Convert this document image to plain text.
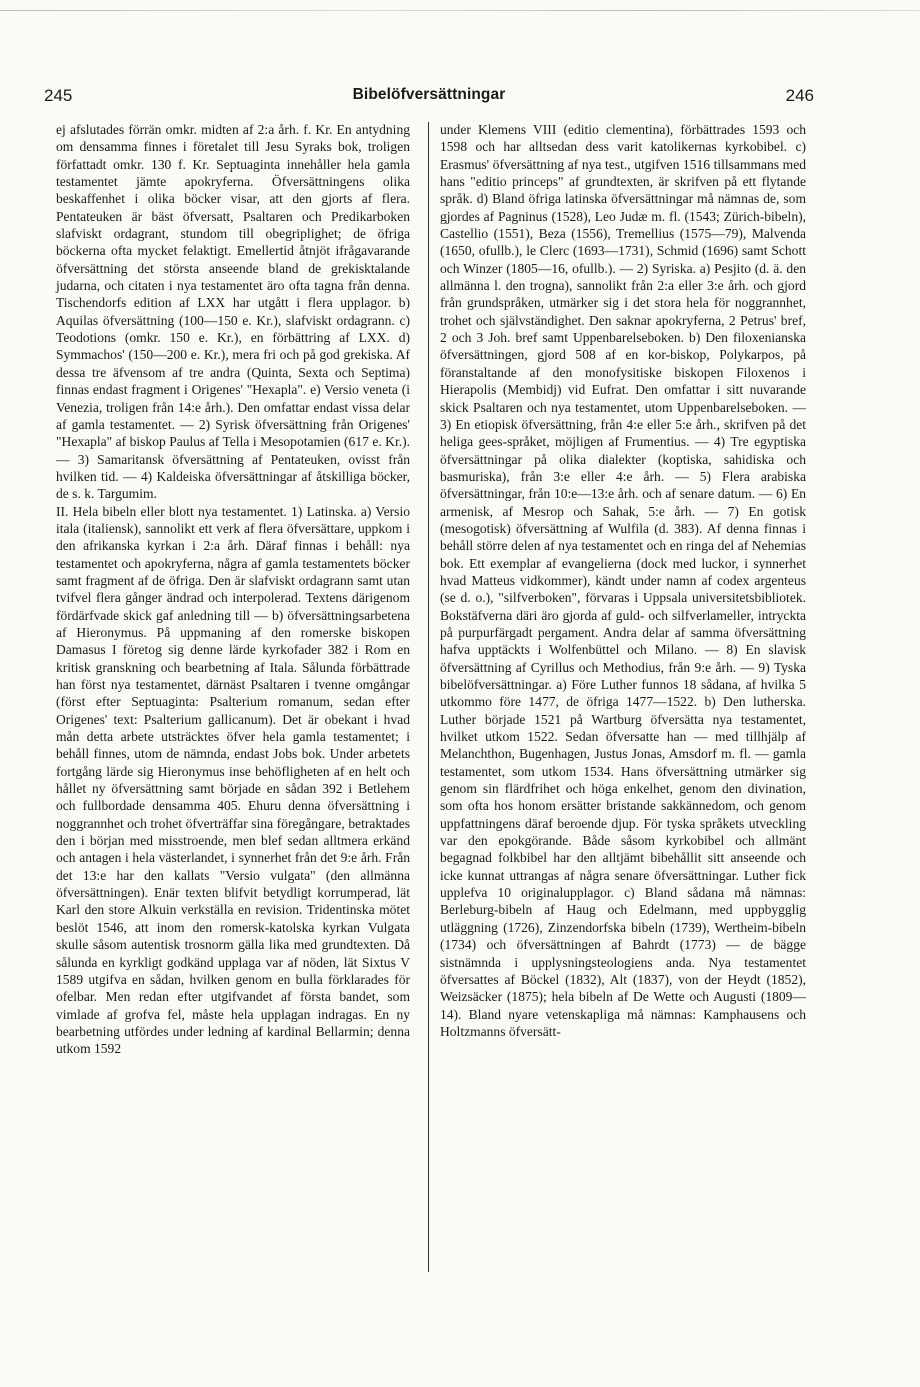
245	Bibelöfversättningar	246

ej afslutades förrän omkr. midten af 2:a årh. f. Kr. En antydning om densamma finnes i företalet till Jesu Syraks bok, troligen författadt omkr. 130 f. Kr. Septuaginta innehåller hela gamla testamentet jämte apokryferna. Öfversättningens olika beskaffenhet i olika böcker visar, att den gjorts af flera. Pentateuken är bäst öfversatt, Psaltaren och Predikarboken slafviskt ordagrant, stundom till obegriplighet; de öfriga böckerna ofta mycket felaktigt. Emellertid åtnjöt ifrågavarande öfversättning det största anseende bland de grekisktalande judarna, och citaten i nya testamentet äro ofta tagna från denna. Tischendorfs edition af LXX har utgått i flera upplagor. b) Aquilas öfversättning (100—150 e. Kr.), slafviskt ordagrann. c) Teodotions (omkr. 150 e. Kr.), en förbättring af LXX. d) Symmachos' (150—200 e. Kr.), mera fri och på god grekiska. Af dessa tre äfvensom af tre andra (Quinta, Sexta och Septima) finnas endast fragment i Origenes' "Hexapla". e) Versio veneta (i Venezia, troligen från 14:e årh.). Den omfattar endast vissa delar af gamla testamentet. — 2) Syrisk öfversättning från Origenes' "Hexapla" af biskop Paulus af Tella i Mesopotamien (617 e. Kr.). — 3) Samaritansk öfversättning af Pentateuken, ovisst från hvilken tid. — 4) Kaldeiska öfversättningar af åtskilliga böcker, de s. k. Targumim.

II. Hela bibeln eller blott nya testamentet. 1) Latinska. a) Versio itala (italiensk), sannolikt ett verk af flera öfversättare, uppkom i den afrikanska kyrkan i 2:a årh. Däraf finnas i behåll: nya testamentet och apokryferna, några af gamla testamentets böcker samt fragment af de öfriga. Den är slafviskt ordagrann samt utan tvifvel flera gånger ändrad och interpolerad. Textens därigenom fördärfvade skick gaf anledning till — b) öfversättningsarbetena af Hieronymus. På uppmaning af den romerske biskopen Damasus I företog sig denne lärde kyrkofader 382 i Rom en kritisk granskning och bearbetning af Itala. Sålunda förbättrade han först nya testamentet, därnäst Psaltaren i tvenne omgångar (först efter Septuaginta: Psalterium romanum, sedan efter Origenes' text: Psalterium gallicanum). Det är obekant i hvad mån detta arbete utsträcktes öfver hela gamla testamentet; i behåll finnes, utom de nämnda, endast Jobs bok. Under arbetets fortgång lärde sig Hieronymus inse behöfligheten af en helt och hållet ny öfversättning samt började en sådan 392 i Betlehem och fullbordade densamma 405. Ehuru denna öfversättning i noggrannhet och trohet öfverträffar sina föregångare, betraktades den i början med misstroende, men blef sedan alltmera erkänd och antagen i hela västerlandet, i synnerhet från det 9:e årh. Från det 13:e har den kallats "Versio vulgata" (den allmänna öfversättningen). Enär texten blifvit betydligt korrumperad, lät Karl den store Alkuin verkställa en revision. Tridentinska mötet beslöt 1546, att inom den romersk-katolska kyrkan Vulgata skulle såsom autentisk trosnorm gälla lika med grundtexten. Då sålunda en kyrkligt godkänd upplaga var af nöden, lät Sixtus V 1589 utgifva en sådan, hvilken genom en bulla förklarades för ofelbar. Men redan efter utgifvandet af första bandet, som vimlade af grofva fel, måste hela upplagan indragas. En ny bearbetning utfördes under ledning af kardinal Bellarmin; denna utkom 1592

under Klemens VIII (editio clementina), förbättrades 1593 och 1598 och har alltsedan dess varit katolikernas kyrkobibel. c) Erasmus' öfversättning af nya test., utgifven 1516 tillsammans med hans "editio princeps" af grundtexten, är skrifven på ett flytande språk. d) Bland öfriga latinska öfversättningar må nämnas de, som gjordes af Pagninus (1528), Leo Judæ m. fl. (1543; Zürich-bibeln), Castellio (1551), Beza (1556), Tremellius (1575—79), Malvenda (1650, ofullb.), le Clerc (1693—1731), Schmid (1696) samt Schott och Winzer (1805—16, ofullb.). — 2) Syriska. a) Pesjito (d. ä. den allmänna l. den trogna), sannolikt från 2:a eller 3:e årh. och gjord från grundspråken, utmärker sig i det stora hela för noggrannhet, trohet och självständighet. Den saknar apokryferna, 2 Petrus' bref, 2 och 3 Joh. bref samt Uppenbarelseboken. b) Den filoxenianska öfversättningen, gjord 508 af en kor-biskop, Polykarpos, på föranstaltande af den monofysitiske biskopen Filoxenos i Hierapolis (Membidj) vid Eufrat. Den omfattar i sitt nuvarande skick Psaltaren och nya testamentet, utom Uppenbarelseboken. — 3) En etiopisk öfversättning, från 4:e eller 5:e årh., skrifven på det heliga gees-språket, möjligen af Frumentius. — 4) Tre egyptiska öfversättningar på olika dialekter (koptiska, sahidiska och basmuriska), från 3:e eller 4:e årh. — 5) Flera arabiska öfversättningar, från 10:e—13:e årh. och af senare datum. — 6) En armenisk, af Mesrop och Sahak, 5:e årh. — 7) En gotisk (mesogotisk) öfversättning af Wulfila (d. 383). Af denna finnas i behåll större delen af nya testamentet och en ringa del af Nehemias bok. Ett exemplar af evangelierna (dock med luckor, i synnerhet hvad Matteus vidkommer), kändt under namn af codex argenteus (se d. o.), "silfverboken", förvaras i Uppsala universitetsbibliotek. Bokstäfverna däri äro gjorda af guld- och silfverlameller, intryckta på purpurfärgadt pergament. Andra delar af samma öfversättning hafva upptäckts i Wolfenbüttel och Milano. — 8) En slavisk öfversättning af Cyrillus och Methodius, från 9:e årh. — 9) Tyska bibelöfversättningar. a) Före Luther funnos 18 sådana, af hvilka 5 utkommo före 1477, de öfriga 1477—1522. b) Den lutherska. Luther började 1521 på Wartburg öfversätta nya testamentet, hvilket utkom 1522. Sedan öfversatte han — med tillhjälp af Melanchthon, Bugenhagen, Justus Jonas, Amsdorf m. fl. — gamla testamentet, som utkom 1534. Hans öfversättning utmärker sig genom sin flärdfrihet och höga enkelhet, genom den divination, som ofta hos honom ersätter bristande sakkännedom, och genom uppfattningens däraf beroende djup. För tyska språkets utveckling var den epokgörande. Både såsom kyrkobibel och allmänt begagnad folkbibel har den alltjämt bibehållit sitt anseende och icke kunnat uttrangas af några senare öfversättningar. Luther fick upplefva 10 originalupplagor. c) Bland sådana må nämnas: Berleburg-bibeln af Haug och Edelmann, med uppbygglig utläggning (1726), Zinzendorfska bibeln (1739), Wertheim-bibeln (1734) och öfversättningen af Bahrdt (1773) — de bägge sistnämnda i upplysningsteologiens anda. Nya testamentet öfversattes af Böckel (1832), Alt (1837), von der Heydt (1852), Weizsäcker (1875); hela bibeln af De Wette och Augusti (1809—14). Bland nyare vetenskapliga må nämnas: Kamphausens och Holtzmanns öfversätt-
